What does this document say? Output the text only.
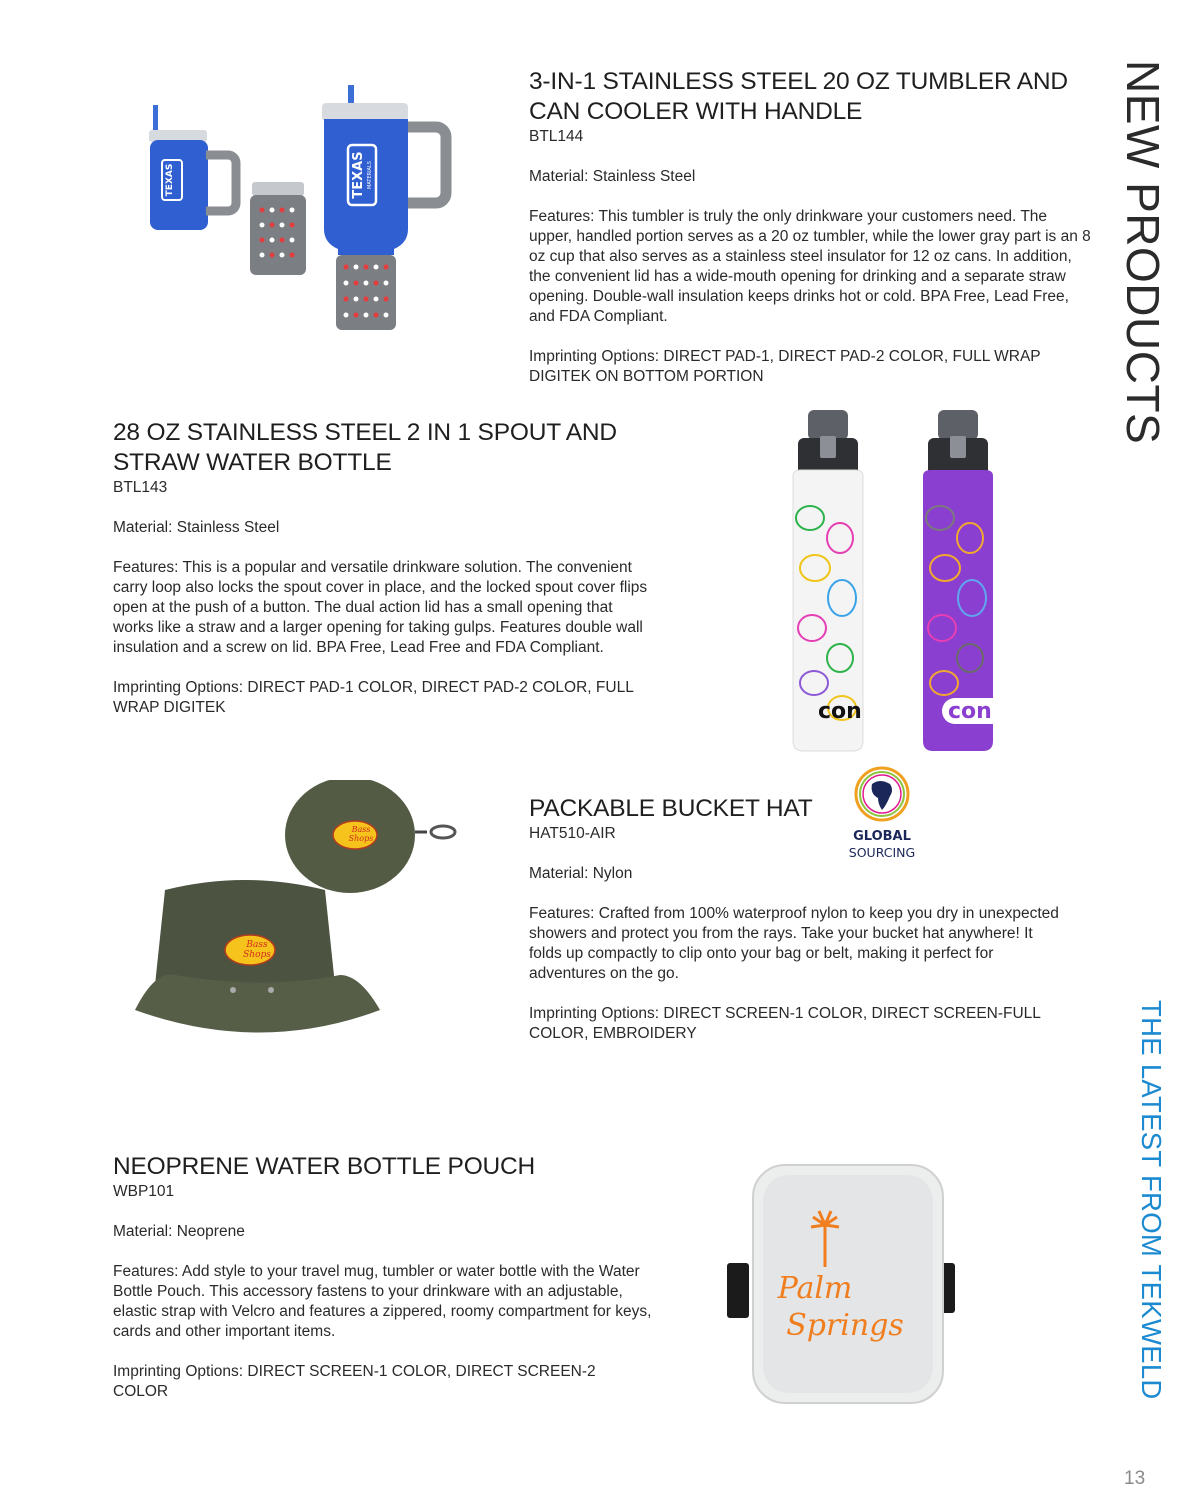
NEW PRODUCTS
THE LATEST FROM TEKWELD
13
TEXAS	TEXAS MATERIALS
3-IN-1 STAINLESS STEEL 20 OZ TUMBLER AND
CAN COOLER WITH HANDLE

BTL144

Material: Stainless Steel

Features: This tumbler is truly the only drinkware your customers need. The upper, handled portion serves as a 20 oz tumbler, while the lower gray part is an 8 oz cup that also serves as a stainless steel insulator for 12 oz cans. In addition, the convenient lid has a wide-mouth opening for drinking and a separate straw opening. Double-wall insulation keeps drinks hot or cold. BPA Free, Lead Free, and FDA Compliant.

Imprinting Options: DIRECT PAD-1, DIRECT PAD-2 COLOR, FULL WRAP DIGITEK ON BOTTOM PORTION

28 OZ STAINLESS STEEL 2 IN 1 SPOUT AND
STRAW WATER BOTTLE

BTL143

Material: Stainless Steel

Features: This is a popular and versatile drinkware solution. The convenient carry loop also locks the spout cover in place, and the locked spout cover flips open at the push of a button. The dual action lid has a small opening that works like a straw and a larger opening for taking gulps. Features double wall insulation and a screw on lid. BPA Free, Lead Free and FDA Compliant.

Imprinting Options: DIRECT PAD-1 COLOR, DIRECT PAD-2 COLOR, FULL WRAP DIGITEK	con	con
Bass
Shops
Bass
Shops
PACKABLE BUCKET HAT

HAT510-AIR

Material: Nylon

Features: Crafted from 100% waterproof nylon to keep you dry in unexpected showers and protect you from the rays. Take your bucket hat anywhere! It folds up compactly to clip onto your bag or belt, making it perfect for adventures on the go.

Imprinting Options: DIRECT SCREEN-1 COLOR, DIRECT SCREEN-FULL COLOR, EMBROIDERY

GLOBAL
SOURCING
NEOPRENE WATER BOTTLE POUCH

WBP101

Material: Neoprene

Features: Add style to your travel mug, tumbler or water bottle with the Water Bottle Pouch. This accessory fastens to your drinkware with an adjustable, elastic strap with Velcro and features a zippered, roomy compartment for keys, cards and other important items.

Imprinting Options: DIRECT SCREEN-1 COLOR, DIRECT SCREEN-2 COLOR

Palm
Springs
